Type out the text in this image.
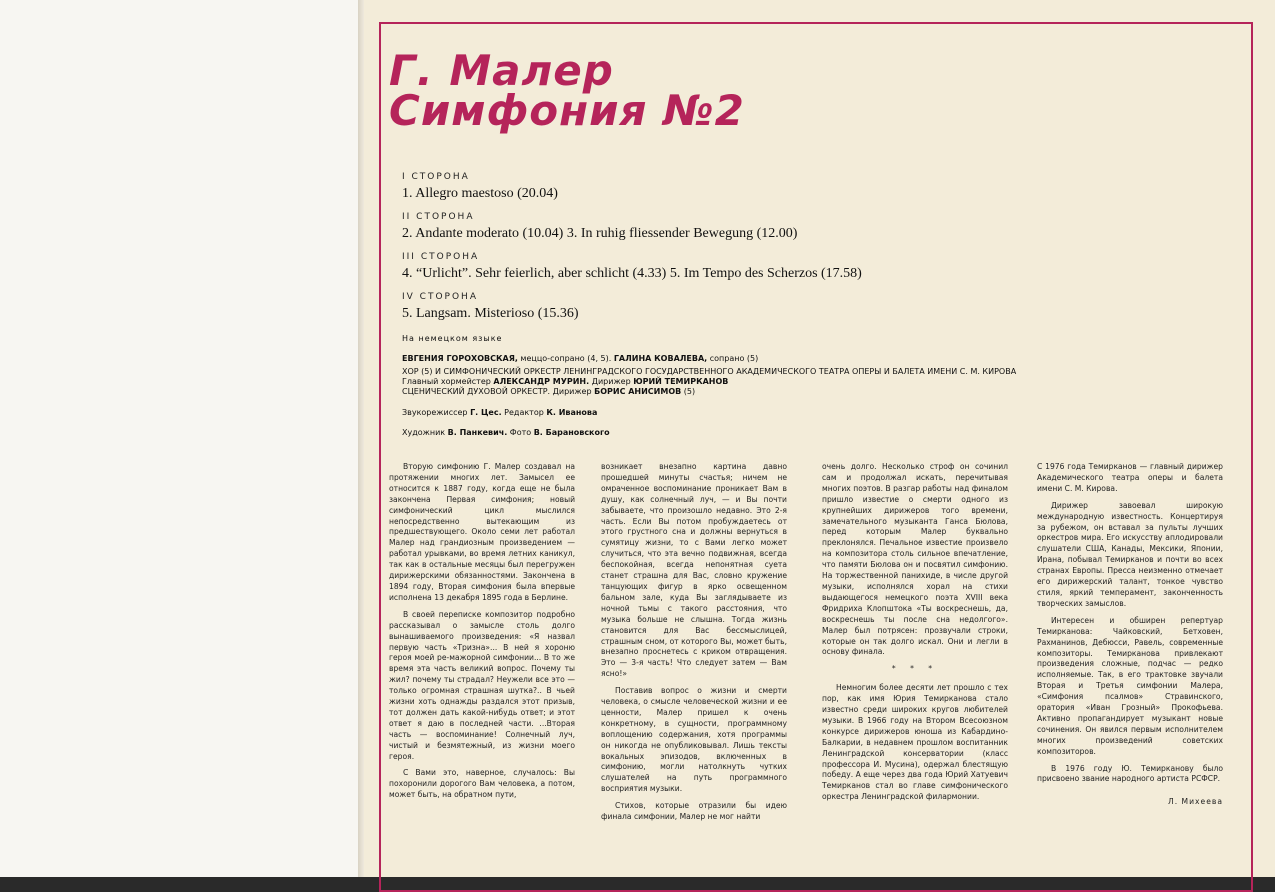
Г. Малер
Симфония №2
I СТОРОНА
1. Allegro maestoso (20.04)
II СТОРОНА
2. Andante moderato (10.04) 3. In ruhig fliessender Bewegung (12.00)
III СТОРОНА
4. “Urlicht”. Sehr feierlich, aber schlicht (4.33) 5. Im Tempo des Scherzos (17.58)
IV СТОРОНА
5. Langsam. Misterioso (15.36)
На немецком языке
ЕВГЕНИЯ ГОРОХОВСКАЯ, меццо-сопрано (4, 5). ГАЛИНА КОВАЛЕВА, сопрано (5)
ХОР (5) И СИМФОНИЧЕСКИЙ ОРКЕСТР ЛЕНИНГРАДСКОГО ГОСУДАРСТВЕННОГО АКАДЕМИЧЕСКОГО ТЕАТРА ОПЕРЫ И БАЛЕТА ИМЕНИ С. М. КИРОВА
Главный хормейстер АЛЕКСАНДР МУРИН. Дирижер ЮРИЙ ТЕМИРКАНОВ
СЦЕНИЧЕСКИЙ ДУХОВОЙ ОРКЕСТР. Дирижер БОРИС АНИСИМОВ (5)
Звукорежиссер Г. Цес. Редактор К. Иванова
Художник В. Панкевич. Фото В. Барановского

Вторую симфонию Г. Малер создавал на протяжении многих лет. Замысел ее относится к 1887 году, когда еще не была закончена Первая симфония; новый симфонический цикл мыслился непосредственно вытекающим из предшествующего. Около семи лет работал Малер над грандиозным произведением — работал урывками, во время летних каникул, так как в остальные месяцы был перегружен дирижерскими обязанностями. Закончена в 1894 году, Вторая симфония была впервые исполнена 13 декабря 1895 года в Берлине.

В своей переписке композитор подробно рассказывал о замысле столь долго вынашиваемого произведения: «Я назвал первую часть «Тризна»... В ней я хороню героя моей ре-мажорной симфонии... В то же время эта часть великий вопрос. Почему ты жил? почему ты страдал? Неужели все это — только огромная страшная шутка?.. В чьей жизни хоть однажды раздался этот призыв, тот должен дать какой-нибудь ответ; и этот ответ я даю в последней части. ...Вторая часть — воспоминание! Солнечный луч, чистый и безмятежный, из жизни моего героя.

С Вами это, наверное, случалось: Вы похоронили дорогого Вам человека, а потом, может быть, на обратном пути,

возникает внезапно картина давно прошедшей минуты счастья; ничем не омраченное воспоминание проникает Вам в душу, как солнечный луч, — и Вы почти забываете, что произошло недавно. Это 2-я часть. Если Вы потом пробуждаетесь от этого грустного сна и должны вернуться в сумятицу жизни, то с Вами легко может случиться, что эта вечно подвижная, всегда беспокойная, всегда непонятная суета станет страшна для Вас, словно кружение танцующих фигур в ярко освещенном бальном зале, куда Вы заглядываете из ночной тьмы с такого расстояния, что музыка больше не слышна. Тогда жизнь становится для Вас бессмыслицей, страшным сном, от которого Вы, может быть, внезапно проснетесь с криком отвращения. Это — 3-я часть! Что следует затем — Вам ясно!»

Поставив вопрос о жизни и смерти человека, о смысле человеческой жизни и ее ценности, Малер пришел к очень конкретному, в сущности, программному воплощению содержания, хотя программы он никогда не опубликовывал. Лишь тексты вокальных эпизодов, включенных в симфонию, могли натолкнуть чутких слушателей на путь программного восприятия музыки.

Стихов, которые отразили бы идею финала симфонии, Малер не мог найти

очень долго. Несколько строф он сочинил сам и продолжал искать, перечитывая многих поэтов. В разгар работы над финалом пришло известие о смерти одного из крупнейших дирижеров того времени, замечательного музыканта Ганса Бюлова, перед которым Малер буквально преклонялся. Печальное известие произвело на композитора столь сильное впечатление, что памяти Бюлова он и посвятил симфонию. На торжественной панихиде, в числе другой музыки, исполнялся хорал на стихи выдающегося немецкого поэта XVIII века Фридриха Клопштока «Ты воскреснешь, да, воскреснешь ты после сна недолгого». Малер был потрясен: прозвучали строки, которые он так долго искал. Они и легли в основу финала.

* * *

Немногим более десяти лет прошло с тех пор, как имя Юрия Темирканова стало известно среди широких кругов любителей музыки. В 1966 году на Втором Всесоюзном конкурсе дирижеров юноша из Кабардино-Балкарии, в недавнем прошлом воспитанник Ленинградской консерватории (класс профессора И. Мусина), одержал блестящую победу. А еще через два года Юрий Хатуевич Темирканов стал во главе симфонического оркестра Ленинградской филармонии.

С 1976 года Темирканов — главный дирижер Академического театра оперы и балета имени С. М. Кирова.

Дирижер завоевал широкую международную известность. Концертируя за рубежом, он вставал за пульты лучших оркестров мира. Его искусству аплодировали слушатели США, Канады, Мексики, Японии, Ирана, побывал Темирканов и почти во всех странах Европы. Пресса неизменно отмечает его дирижерский талант, тонкое чувство стиля, яркий темперамент, законченность творческих замыслов.

Интересен и обширен репертуар Темирканова: Чайковский, Бетховен, Рахманинов, Дебюсси, Равель, современные композиторы. Темирканова привлекают произведения сложные, подчас — редко исполняемые. Так, в его трактовке звучали Вторая и Третья симфонии Малера, «Симфония псалмов» Стравинского, оратория «Иван Грозный» Прокофьева. Активно пропагандирует музыкант новые сочинения. Он явился первым исполнителем многих произведений советских композиторов.

В 1976 году Ю. Темирканову было присвоено звание народного артиста РСФСР.

Л. Михеева
